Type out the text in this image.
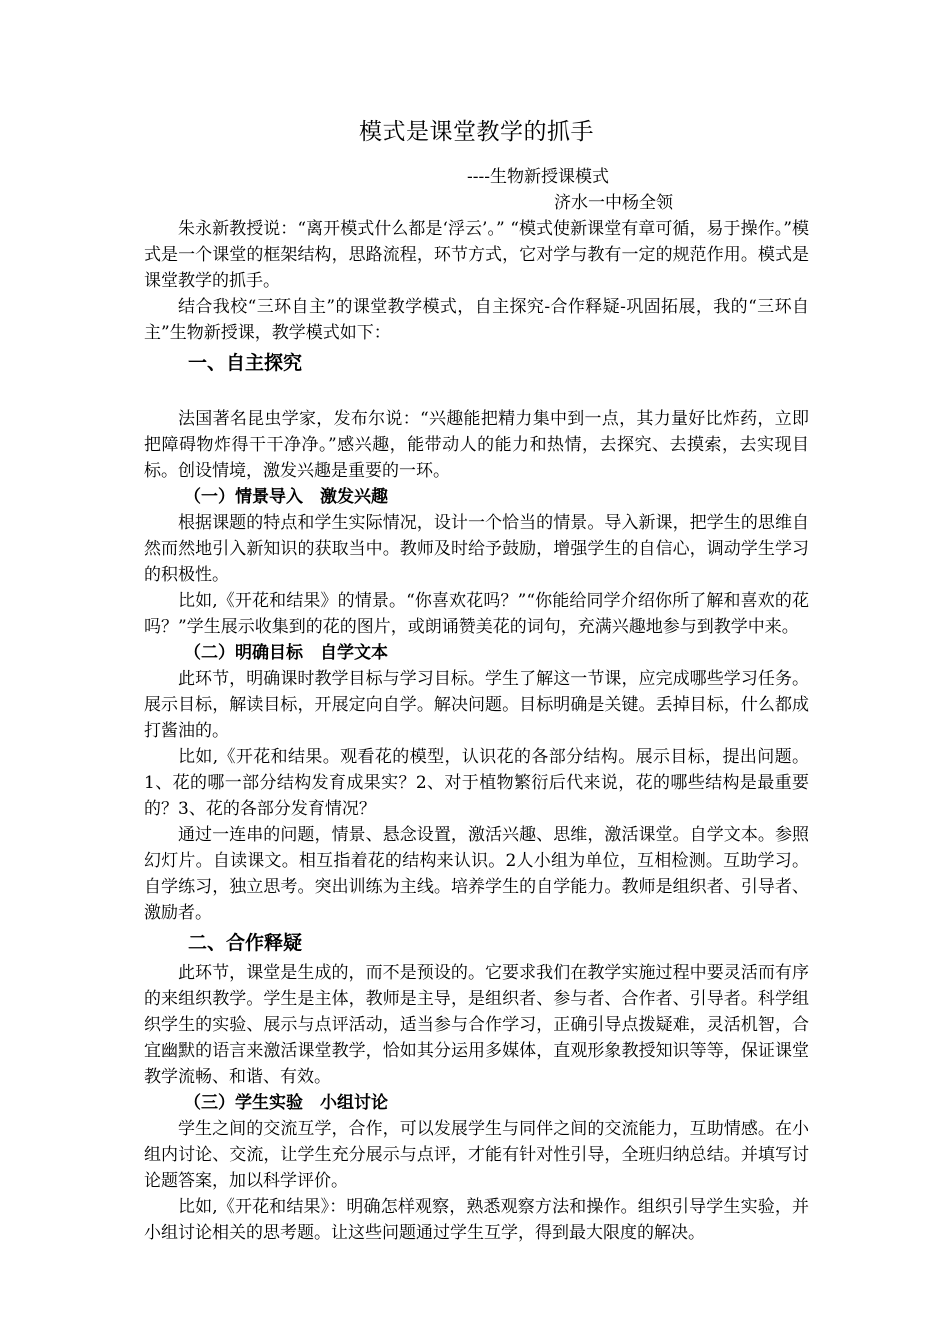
模式是课堂教学的抓手
----生物新授课模式
济水一中杨全领

朱永新教授说：“离开模式什么都是‘浮云’。” “模式使新课堂有章可循，易于操作。”模式是一个课堂的框架结构，思路流程，环节方式，它对学与教有一定的规范作用。模式是课堂教学的抓手。

结合我校“三环自主”的课堂教学模式，自主探究-合作释疑-巩固拓展，我的“三环自主”生物新授课，教学模式如下：

一、自主探究

法国著名昆虫学家，发布尔说：“兴趣能把精力集中到一点，其力量好比炸药，立即把障碍物炸得干干净净。”感兴趣，能带动人的能力和热情，去探究、去摸索，去实现目标。创设情境，激发兴趣是重要的一环。

（一）情景导入　激发兴趣

根据课题的特点和学生实际情况，设计一个恰当的情景。导入新课，把学生的思维自然而然地引入新知识的获取当中。教师及时给予鼓励，增强学生的自信心，调动学生学习的积极性。

比如,《开花和结果》的情景。“你喜欢花吗？”“你能给同学介绍你所了解和喜欢的花吗？”学生展示收集到的花的图片，或朗诵赞美花的词句，充满兴趣地参与到教学中来。

（二）明确目标　自学文本

此环节，明确课时教学目标与学习目标。学生了解这一节课，应完成哪些学习任务。展示目标，解读目标，开展定向自学。解决问题。目标明确是关键。丢掉目标，什么都成打酱油的。

比如,《开花和结果。观看花的模型，认识花的各部分结构。展示目标，提出问题。1、花的哪一部分结构发育成果实？2、对于植物繁衍后代来说，花的哪些结构是最重要的？3、花的各部分发育情况？

通过一连串的问题，情景、悬念设置，激活兴趣、思维，激活课堂。自学文本。参照幻灯片。自读课文。相互指着花的结构来认识。2人小组为单位，互相检测。互助学习。自学练习，独立思考。突出训练为主线。培养学生的自学能力。教师是组织者、引导者、激励者。

二、合作释疑

此环节，课堂是生成的，而不是预设的。它要求我们在教学实施过程中要灵活而有序的来组织教学。学生是主体，教师是主导，是组织者、参与者、合作者、引导者。科学组织学生的实验、展示与点评活动，适当参与合作学习，正确引导点拨疑难，灵活机智，合宜幽默的语言来激活课堂教学，恰如其分运用多媒体，直观形象教授知识等等，保证课堂教学流畅、和谐、有效。

（三）学生实验　小组讨论

学生之间的交流互学，合作，可以发展学生与同伴之间的交流能力，互助情感。在小组内讨论、交流，让学生充分展示与点评，才能有针对性引导，全班归纳总结。并填写讨论题答案，加以科学评价。

比如,《开花和结果》：明确怎样观察，熟悉观察方法和操作。组织引导学生实验，并小组讨论相关的思考题。让这些问题通过学生互学，得到最大限度的解决。
